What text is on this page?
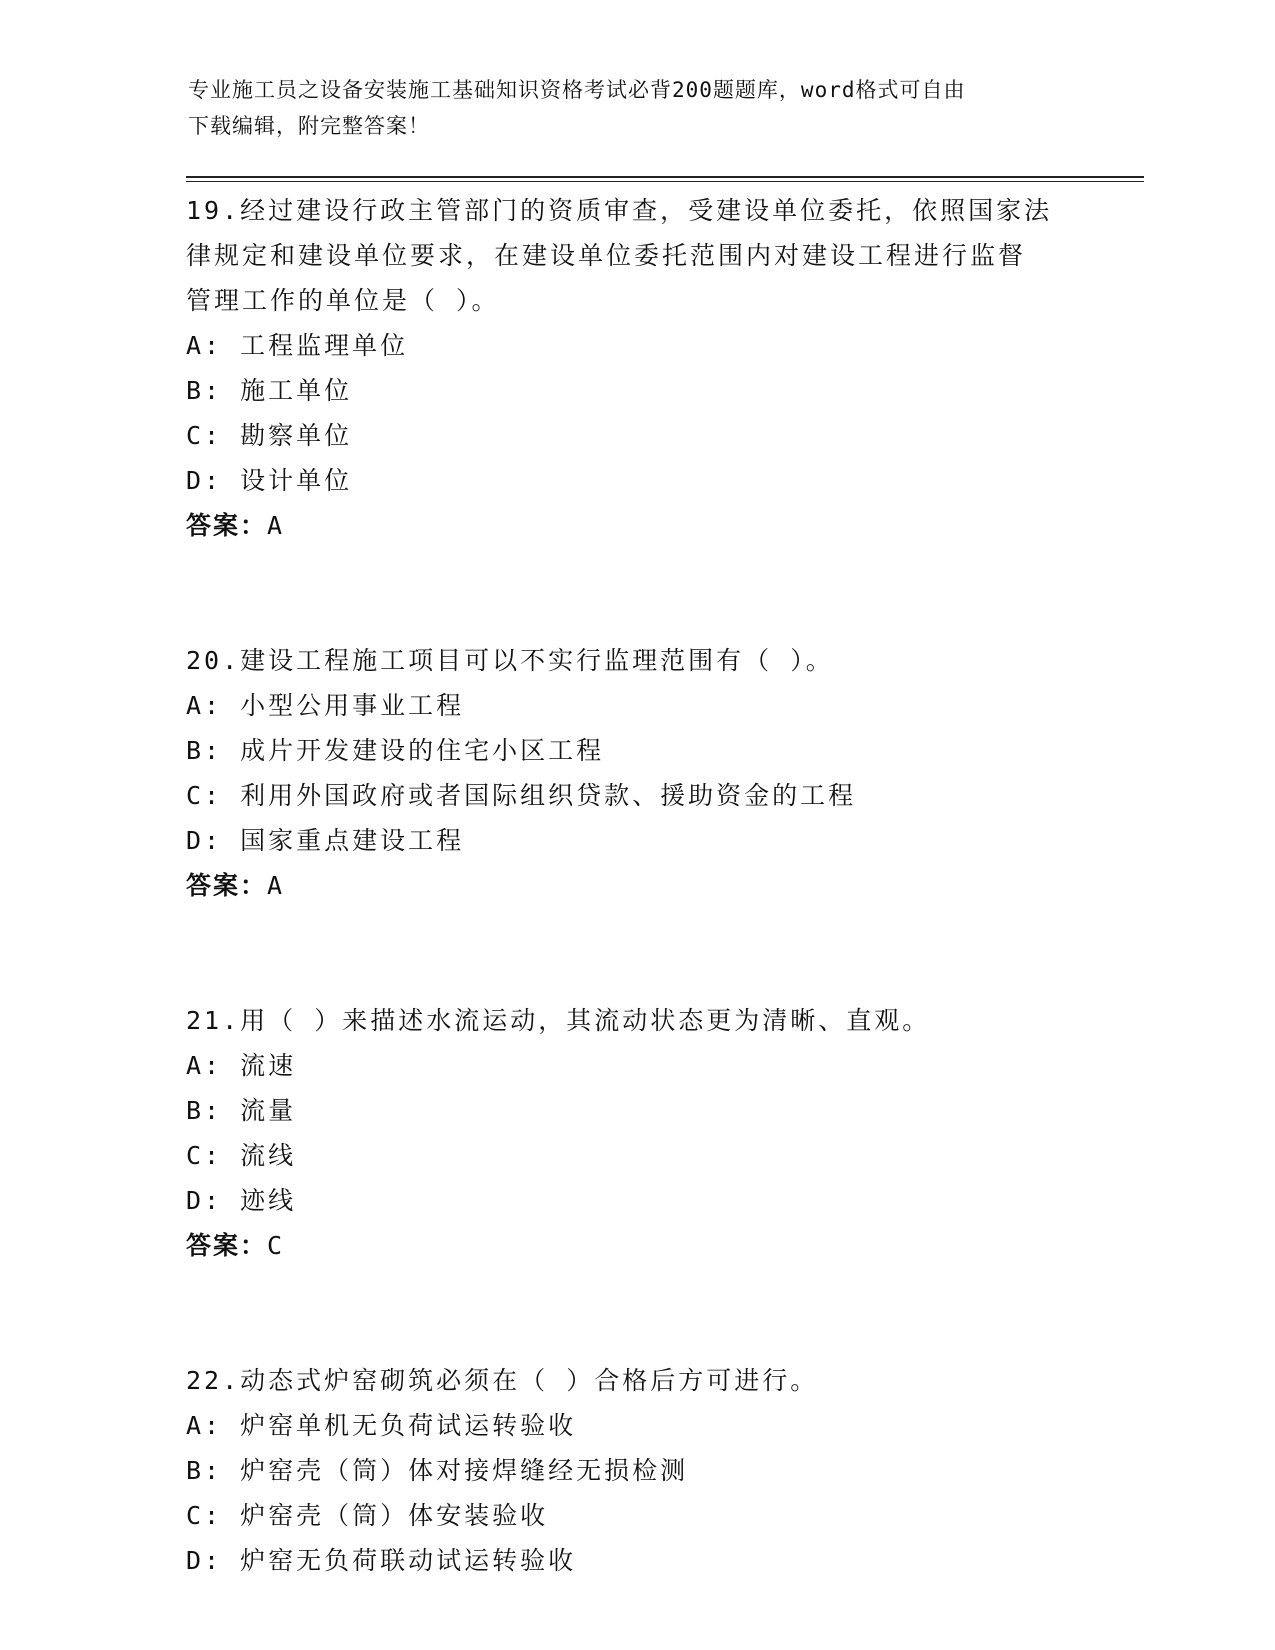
专业施工员之设备安装施工基础知识资格考试必背200题题库，word格式可自由
下载编辑，附完整答案！
19.经过建设行政主管部门的资质审查，受建设单位委托，依照国家法
律规定和建设单位要求，在建设单位委托范围内对建设工程进行监督
管理工作的单位是（ ）。
A: 工程监理单位
B: 施工单位
C: 勘察单位
D: 设计单位
答案：A
20.建设工程施工项目可以不实行监理范围有（ ）。
A: 小型公用事业工程
B: 成片开发建设的住宅小区工程
C: 利用外国政府或者国际组织贷款、援助资金的工程
D: 国家重点建设工程
答案：A
21.用（ ）来描述水流运动，其流动状态更为清晰、直观。
A: 流速
B: 流量
C: 流线
D: 迹线
答案：C
22.动态式炉窑砌筑必须在（ ）合格后方可进行。
A: 炉窑单机无负荷试运转验收
B: 炉窑壳（筒）体对接焊缝经无损检测
C: 炉窑壳（筒）体安装验收
D: 炉窑无负荷联动试运转验收
